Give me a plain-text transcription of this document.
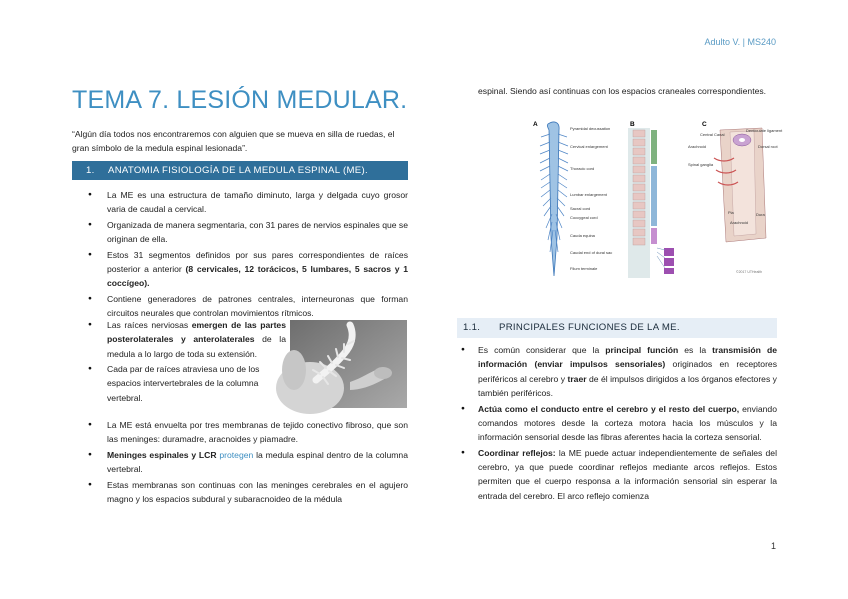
Adulto V. | MS240
TEMA 7. LESIÓN MEDULAR.
“Algún día todos nos encontraremos con alguien que se mueva en silla de ruedas, el gran símbolo de la medula espinal lesionada”.
1. ANATOMIA FISIOLOGÍA DE LA MEDULA ESPINAL (ME).
● La ME es una estructura de tamaño diminuto, larga y delgada cuyo grosor varia de caudal a cervical.
● Organizada de manera segmentaria, con 31 pares de nervios espinales que se originan de ella.
● Estos 31 segmentos definidos por sus pares correspondientes de raíces posterior a anterior (8 cervicales, 12 torácicos, 5 lumbares, 5 sacros y 1 coccígeo).
● Contiene generadores de patrones centrales, interneuronas que forman circuitos neurales que controlan movimientos rítmicos.
● Las raíces nerviosas emergen de las partes posterolaterales y anterolaterales de la medula a lo largo de toda su extensión.
● Cada par de raíces atraviesa uno de los espacios intervertebrales de la columna vertebral.
● La ME está envuelta por tres membranas de tejido conectivo fibroso, que son las meninges: duramadre, aracnoides y piamadre.
● Meninges espinales y LCR protegen la medula espinal dentro de la columna vertebral.
● Estas membranas son continuas con las meninges cerebrales en el agujero magno y los espacios subdural y subaracnoideo de la médula
espinal. Siendo así continuas con los espacios craneales correspondientes.
A
Pyramidal decussation
Cervical enlargement
Thoracic cord
Lumbar enlargement
Sacral cord
Coccygeal cord
Cauda equina
Caudal end of dural sac
Filum terminale
B	C
Central Canal
Denticulate ligament
Arachnoid	Dorsal root
Spinal ganglia
Pia	Dura
Arachnoid
©2017 UTHealth
1.1. PRINCIPALES FUNCIONES DE LA ME.
● Es común considerar que la principal función es la transmisión de información (enviar impulsos sensoriales) originados en receptores periféricos al cerebro y traer de él impulsos dirigidos a los órganos efectores y también periféricos.
● Actúa como el conducto entre el cerebro y el resto del cuerpo, enviando comandos motores desde la corteza motora hacia los músculos y la información sensorial desde las fibras aferentes hacia la corteza sensorial.
● Coordinar reflejos: la ME puede actuar independientemente de señales del cerebro, ya que puede coordinar reflejos mediante arcos reflejos. Estos permiten que el cuerpo responsa a la información sensorial sin esperar la entrada del cerebro. El arco reflejo comienza
1
